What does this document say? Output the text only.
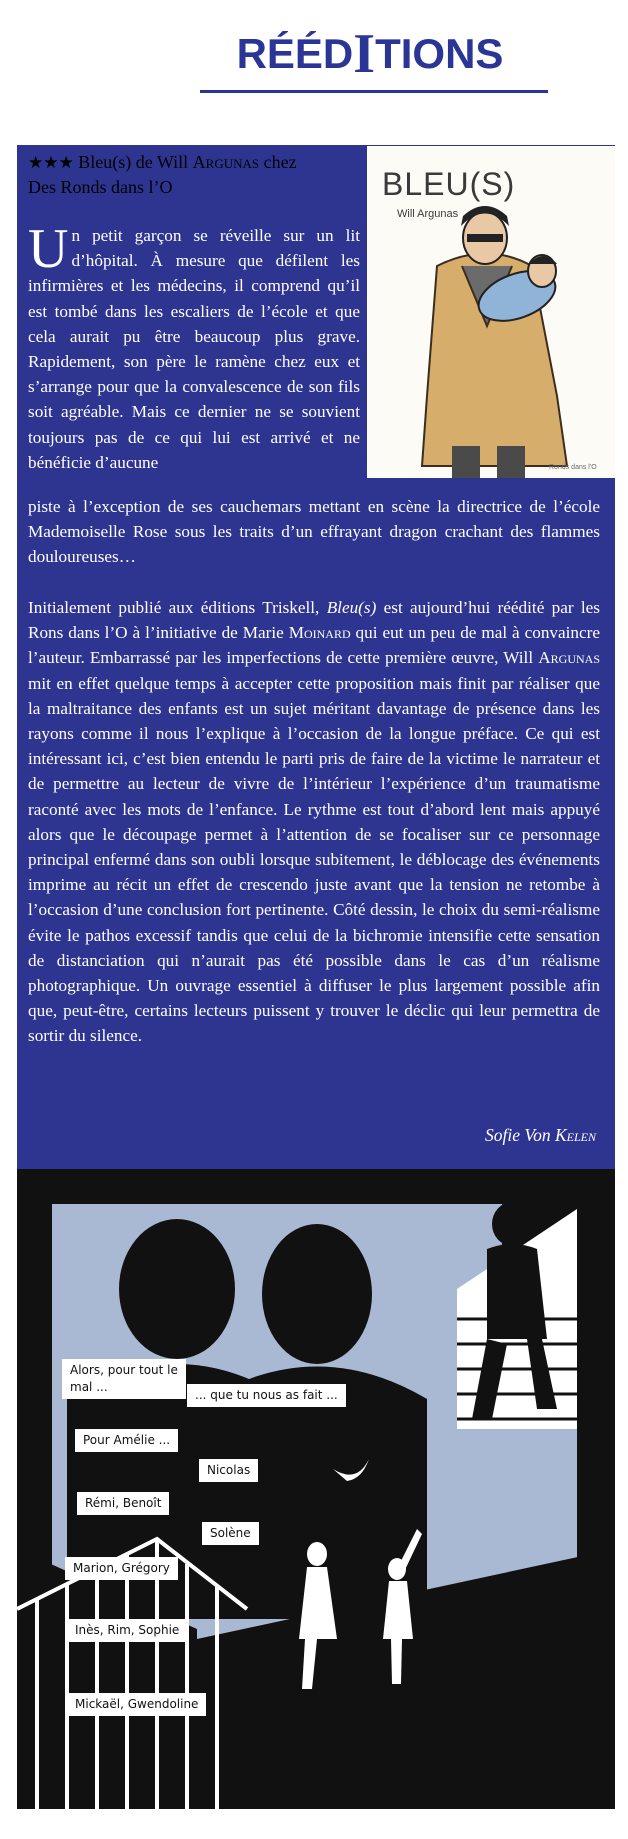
RÉÉDITIONS
BLEU(S)
Will Argunas
Ronds dans l'O
★★★ Bleu(s) de Will Argunas chez
Des Ronds dans l’O
Un petit garçon se réveille sur un lit d’hôpital. À mesure que défilent les infirmières et les médecins, il comprend qu’il est tombé dans les escaliers de l’école et que cela aurait pu être beaucoup plus grave. Rapidement, son père le ramène chez eux et s’arrange pour que la convalescence de son fils soit agréable. Mais ce dernier ne se souvient toujours pas de ce qui lui est arrivé et ne bénéficie d’aucune
piste à l’exception de ses cauchemars mettant en scène la directrice de l’école Mademoiselle Rose sous les traits d’un effrayant dragon crachant des flammes douloureuses…
Initialement publié aux éditions Triskell, Bleu(s) est aujourd’hui réédité par les Rons dans l’O à l’initiative de Marie Moinard qui eut un peu de mal à convaincre l’auteur. Embarrassé par les imperfections de cette première œuvre, Will Argunas mit en effet quelque temps à accepter cette proposition mais finit par réaliser que la maltraitance des enfants est un sujet méritant davantage de présence dans les rayons comme il nous l’explique à l’occasion de la longue préface. Ce qui est intéressant ici, c’est bien entendu le parti pris de faire de la victime le narrateur et de permettre au lecteur de vivre de l’intérieur l’expérience d’un traumatisme raconté avec les mots de l’enfance. Le rythme est tout d’abord lent mais appuyé alors que le découpage permet à l’attention de se focaliser sur ce personnage principal enfermé dans son oubli lorsque subitement, le déblocage des événements imprime au récit un effet de crescendo juste avant que la tension ne retombe à l’occasion d’une conclusion fort pertinente. Côté dessin, le choix du semi-réalisme évite le pathos excessif tandis que celui de la bichromie intensifie cette sensation de distanciation qui n’aurait pas été possible dans le cas d’un réalisme photographique. Un ouvrage essentiel à diffuser le plus largement possible afin que, peut-être, certains lecteurs puissent y trouver le déclic qui leur permettra de sortir du silence.
Sofie Von Kelen
Alors, pour tout le mal ...
... que tu nous as fait ...
Pour Amélie ...
Nicolas
Rémi, Benoît
Solène
Marion, Grégory
Inès, Rim, Sophie
Mickaël, Gwendoline
